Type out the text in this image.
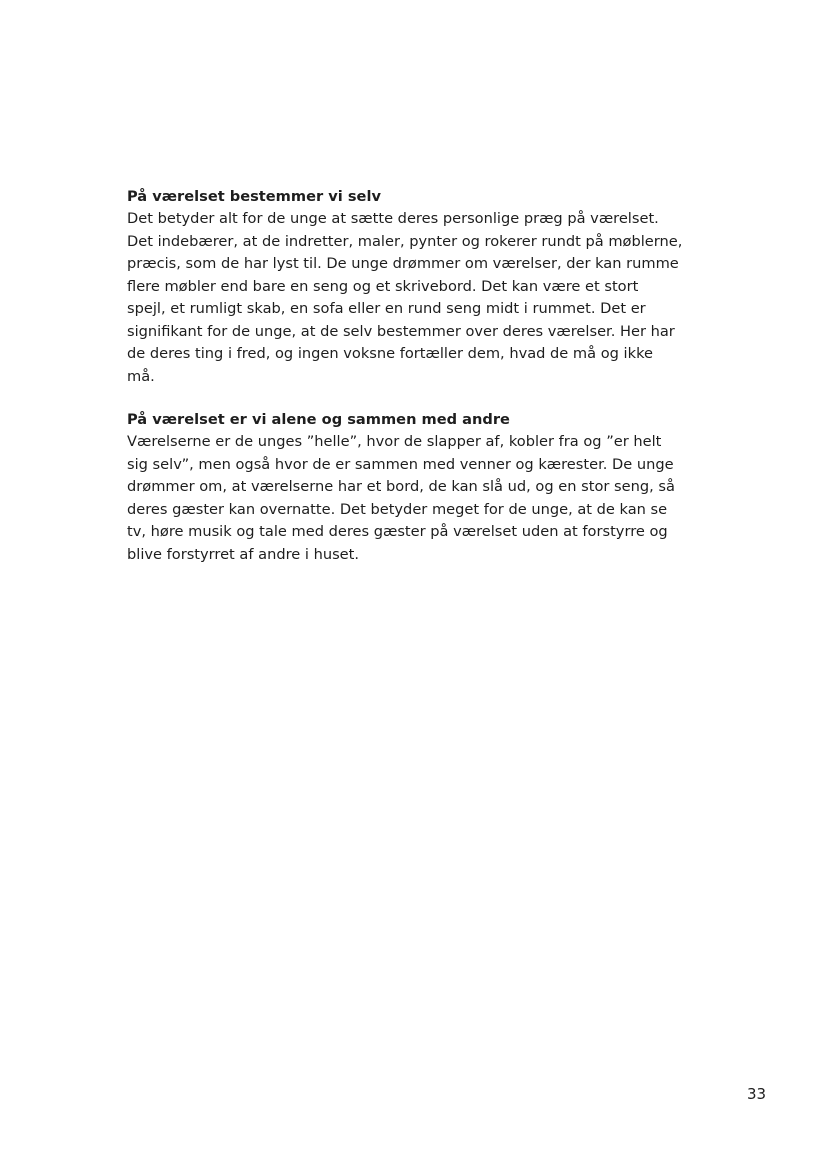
På værelset bestemmer vi selv

Det betyder alt for de unge at sætte deres personlige præg på værelset.
Det indebærer, at de indretter, maler, pynter og rokerer rundt på møblerne,
præcis, som de har lyst til. De unge drømmer om værelser, der kan rumme
flere møbler end bare en seng og et skrivebord. Det kan være et stort
spejl, et rumligt skab, en sofa eller en rund seng midt i rummet. Det er
signifikant for de unge, at de selv bestemmer over deres værelser. Her har
de deres ting i fred, og ingen voksne fortæller dem, hvad de må og ikke
må.

På værelset er vi alene og sammen med andre

Værelserne er de unges ”helle”, hvor de slapper af, kobler fra og ”er helt
sig selv”, men også hvor de er sammen med venner og kærester. De unge
drømmer om, at værelserne har et bord, de kan slå ud, og en stor seng, så
deres gæster kan overnatte. Det betyder meget for de unge, at de kan se
tv, høre musik og tale med deres gæster på værelset uden at forstyrre og
blive forstyrret af andre i huset.

33
